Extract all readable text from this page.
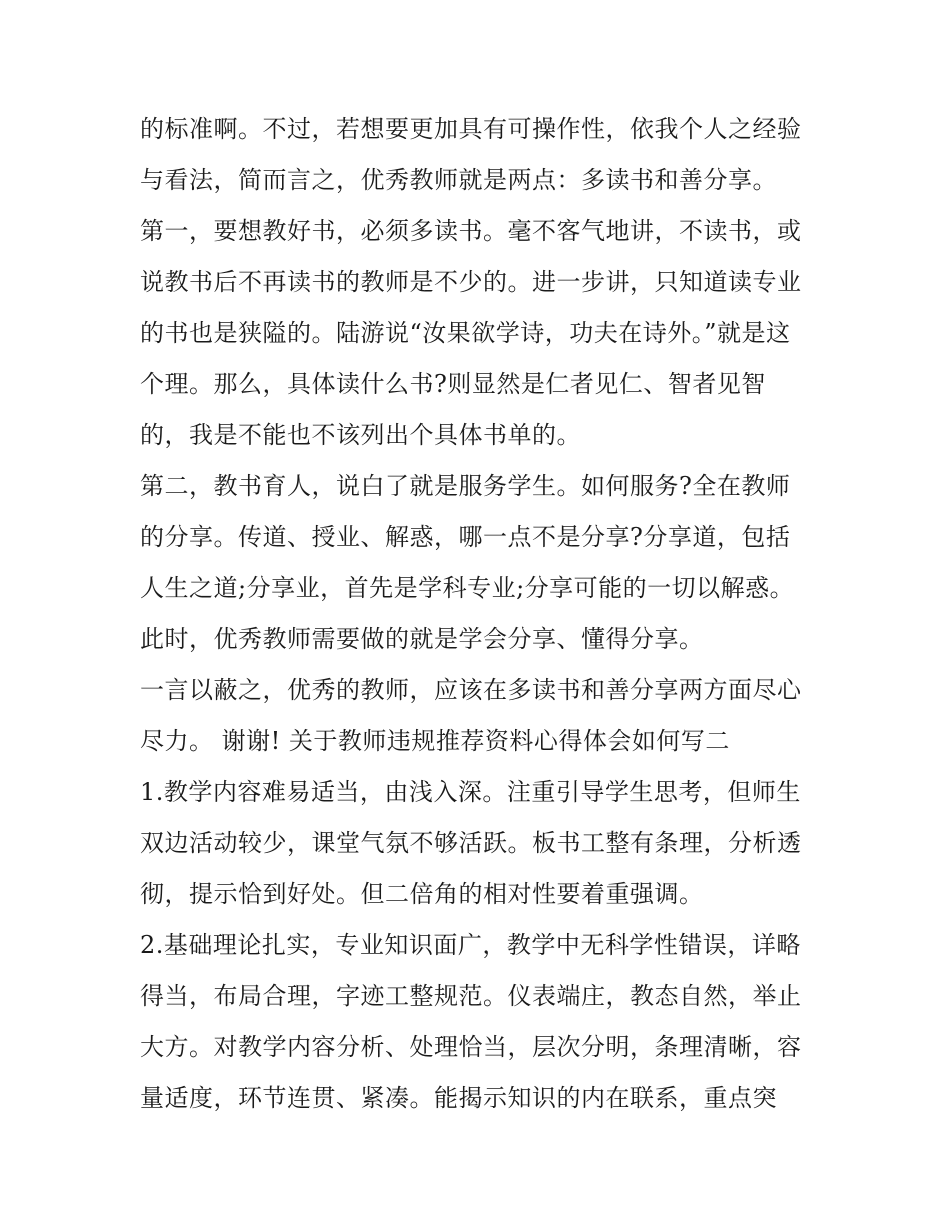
的标准啊。不过，若想要更加具有可操作性，依我个人之经验
与看法，简而言之，优秀教师就是两点：多读书和善分享。
第一，要想教好书，必须多读书。毫不客气地讲，不读书，或
说教书后不再读书的教师是不少的。进一步讲，只知道读专业
的书也是狭隘的。陆游说“汝果欲学诗，功夫在诗外。”就是这
个理。那么，具体读什么书?则显然是仁者见仁、智者见智
的，我是不能也不该列出个具体书单的。
第二，教书育人，说白了就是服务学生。如何服务?全在教师
的分享。传道、授业、解惑，哪一点不是分享?分享道，包括
人生之道;分享业，首先是学科专业;分享可能的一切以解惑。
此时，优秀教师需要做的就是学会分享、懂得分享。
一言以蔽之，优秀的教师，应该在多读书和善分享两方面尽心
尽力。 谢谢! 关于教师违规推荐资料心得体会如何写二
1.教学内容难易适当，由浅入深。注重引导学生思考，但师生
双边活动较少，课堂气氛不够活跃。板书工整有条理，分析透
彻，提示恰到好处。但二倍角的相对性要着重强调。
2.基础理论扎实，专业知识面广，教学中无科学性错误，详略
得当，布局合理，字迹工整规范。仪表端庄，教态自然，举止
大方。对教学内容分析、处理恰当，层次分明，条理清晰，容
量适度，环节连贯、紧凑。能揭示知识的内在联系，重点突
